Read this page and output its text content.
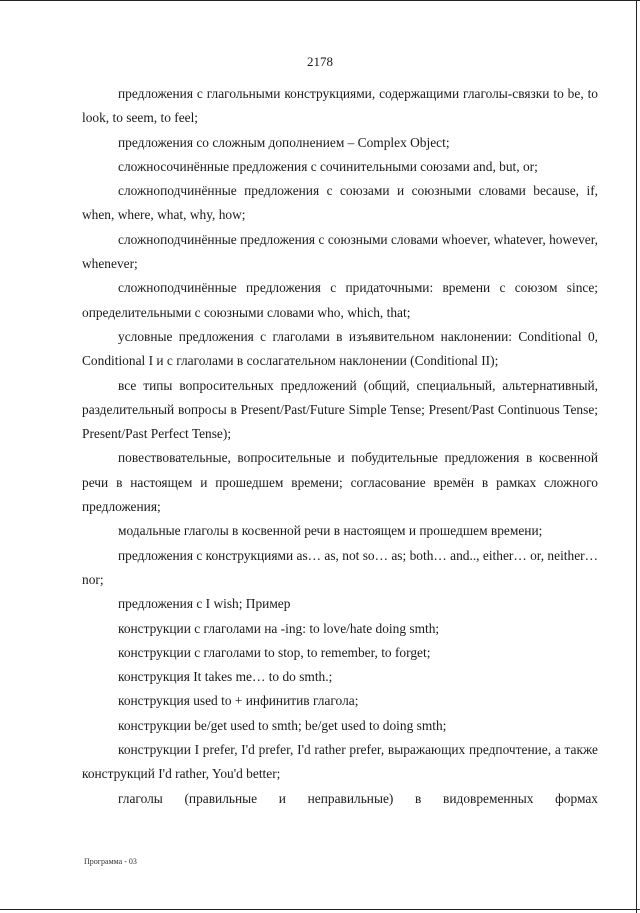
2178

предложения с глагольными конструкциями, содержащими глаголы-связки to be, to look, to seem, to feel;

предложения со сложным дополнением – Complex Object;

сложносочинённые предложения с сочинительными союзами and, but, or;

сложноподчинённые предложения с союзами и союзными словами because, if, when, where, what, why, how;

сложноподчинённые предложения с союзными словами whoever, whatever, however, whenever;

сложноподчинённые предложения с придаточными: времени с союзом since; определительными с союзными словами who, which, that;

условные предложения с глаголами в изъявительном наклонении: Conditional 0, Conditional I и с глаголами в сослагательном наклонении (Conditional II);

все типы вопросительных предложений (общий, специальный, альтернативный, разделительный вопросы в Present/Past/Future Simple Tense; Present/Past Continuous Tense; Present/Past Perfect Tense);

повествовательные, вопросительные и побудительные предложения в косвенной речи в настоящем и прошедшем времени; согласование времён в рамках сложного предложения;

модальные глаголы в косвенной речи в настоящем и прошедшем времени;

предложения с конструкциями as… as, not so… as; both… and.., either… or, neither… nor;

предложения с I wish; Пример

конструкции с глаголами на -ing: to love/hate doing smth;

конструкции с глаголами to stop, to remember, to forget;

конструкция It takes me… to do smth.;

конструкция used to + инфинитив глагола;

конструкции be/get used to smth; be/get used to doing smth;

конструкции I prefer, I'd prefer, I'd rather prefer, выражающих предпочтение, а также конструкций I'd rather, You'd better;

глаголы (правильные и неправильные) в видовременных формах

Программа - 03
